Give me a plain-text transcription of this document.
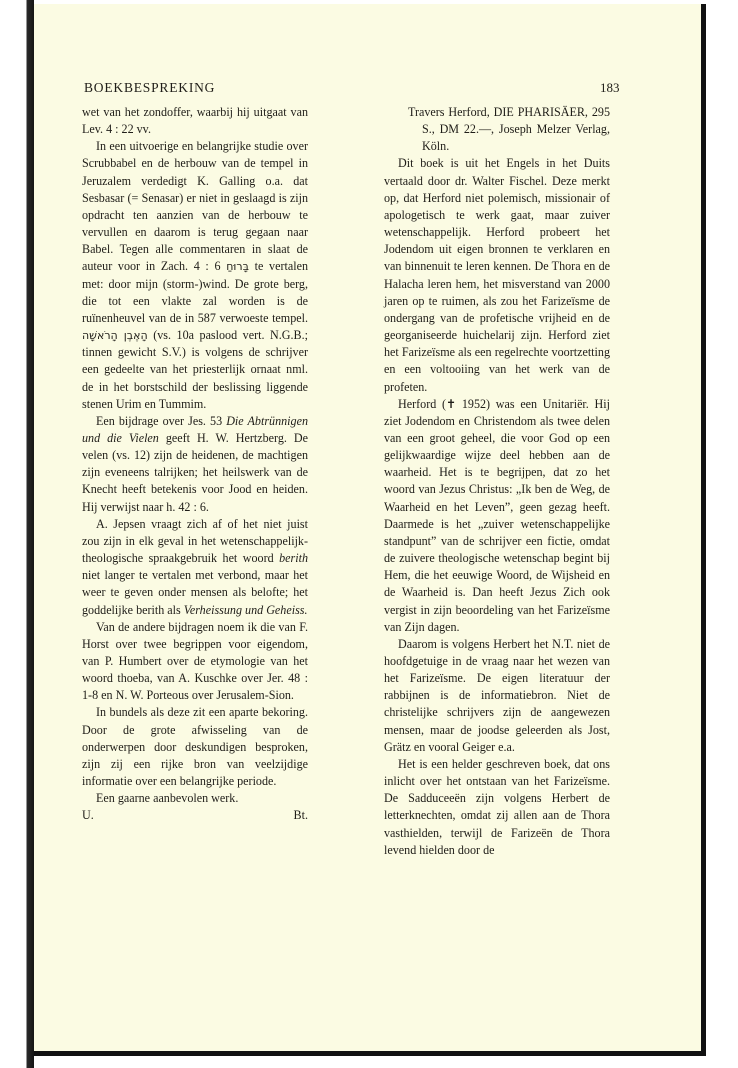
BOEKBESPREKING	183

wet van het zondoffer, waarbij hij uitgaat van Lev. 4 : 22 vv.

In een uitvoerige en belangrijke studie over Scrubbabel en de herbouw van de tempel in Jeruzalem verdedigt K. Galling o.a. dat Sesbasar (= Senasar) er niet in geslaagd is zijn opdracht ten aanzien van de herbouw te vervullen en daarom is terug gegaan naar Babel. Tegen alle commentaren in slaat de auteur voor in Zach. 4 : 6 בָּרוּחַ te vertalen met: door mijn (storm-)wind. De grote berg, die tot een vlakte zal worden is de ruïnenheuvel van de in 587 verwoeste tempel. הָאֶבֶן הָרֹאשָׁה (vs. 10a paslood vert. N.G.B.; tinnen gewicht S.V.) is volgens de schrijver een gedeelte van het priesterlijk ornaat nml. de in het borstschild der beslissing liggende stenen Urim en Tummim.

Een bijdrage over Jes. 53 Die Abtrünnigen und die Vielen geeft H. W. Hertzberg. De velen (vs. 12) zijn de heidenen, de machtigen zijn eveneens talrijken; het heilswerk van de Knecht heeft betekenis voor Jood en heiden. Hij verwijst naar h. 42 : 6.

A. Jepsen vraagt zich af of het niet juist zou zijn in elk geval in het wetenschappelijk-theologische spraakgebruik het woord berith niet langer te vertalen met verbond, maar het weer te geven onder mensen als belofte; het goddelijke berith als Verheissung und Geheiss.

Van de andere bijdragen noem ik die van F. Horst over twee begrippen voor eigendom, van P. Humbert over de etymologie van het woord thoeba, van A. Kuschke over Jer. 48 : 1-8 en N. W. Porteous over Jerusalem-Sion.

In bundels als deze zit een aparte bekoring. Door de grote afwisseling van de onderwerpen door deskundigen besproken, zijn zij een rijke bron van veelzijdige informatie over een belangrijke periode.

Een gaarne aanbevolen werk.

U.	Bt.

Travers Herford, DIE PHARISÄER, 295 S., DM 22.—, Joseph Melzer Verlag, Köln.

Dit boek is uit het Engels in het Duits vertaald door dr. Walter Fischel. Deze merkt op, dat Herford niet polemisch, missionair of apologetisch te werk gaat, maar zuiver wetenschappelijk. Herford probeert het Jodendom uit eigen bronnen te verklaren en van binnenuit te leren kennen. De Thora en de Halacha leren hem, het misverstand van 2000 jaren op te ruimen, als zou het Farizeïsme de ondergang van de profetische vrijheid en de georganiseerde huichelarij zijn. Herford ziet het Farizeïsme als een regelrechte voortzetting en een voltooiing van het werk van de profeten.

Herford (✝ 1952) was een Unitariër. Hij ziet Jodendom en Christendom als twee delen van een groot geheel, die voor God op een gelijkwaardige wijze deel hebben aan de waarheid. Het is te begrijpen, dat zo het woord van Jezus Christus: „Ik ben de Weg, de Waarheid en het Leven”, geen gezag heeft. Daarmede is het „zuiver wetenschappelijke standpunt” van de schrijver een fictie, omdat de zuivere theologische wetenschap begint bij Hem, die het eeuwige Woord, de Wijsheid en de Waarheid is. Dan heeft Jezus Zich ook vergist in zijn beoordeling van het Farizeïsme van Zijn dagen.

Daarom is volgens Herbert het N.T. niet de hoofdgetuige in de vraag naar het wezen van het Farizeïsme. De eigen literatuur der rabbijnen is de informatiebron. Niet de christelijke schrijvers zijn de aangewezen mensen, maar de joodse geleerden als Jost, Grätz en vooral Geiger e.a.

Het is een helder geschreven boek, dat ons inlicht over het ontstaan van het Farizeïsme. De Sadduceeën zijn volgens Herbert de letterknechten, omdat zij allen aan de Thora vasthielden, terwijl de Farizeën de Thora levend hielden door de
